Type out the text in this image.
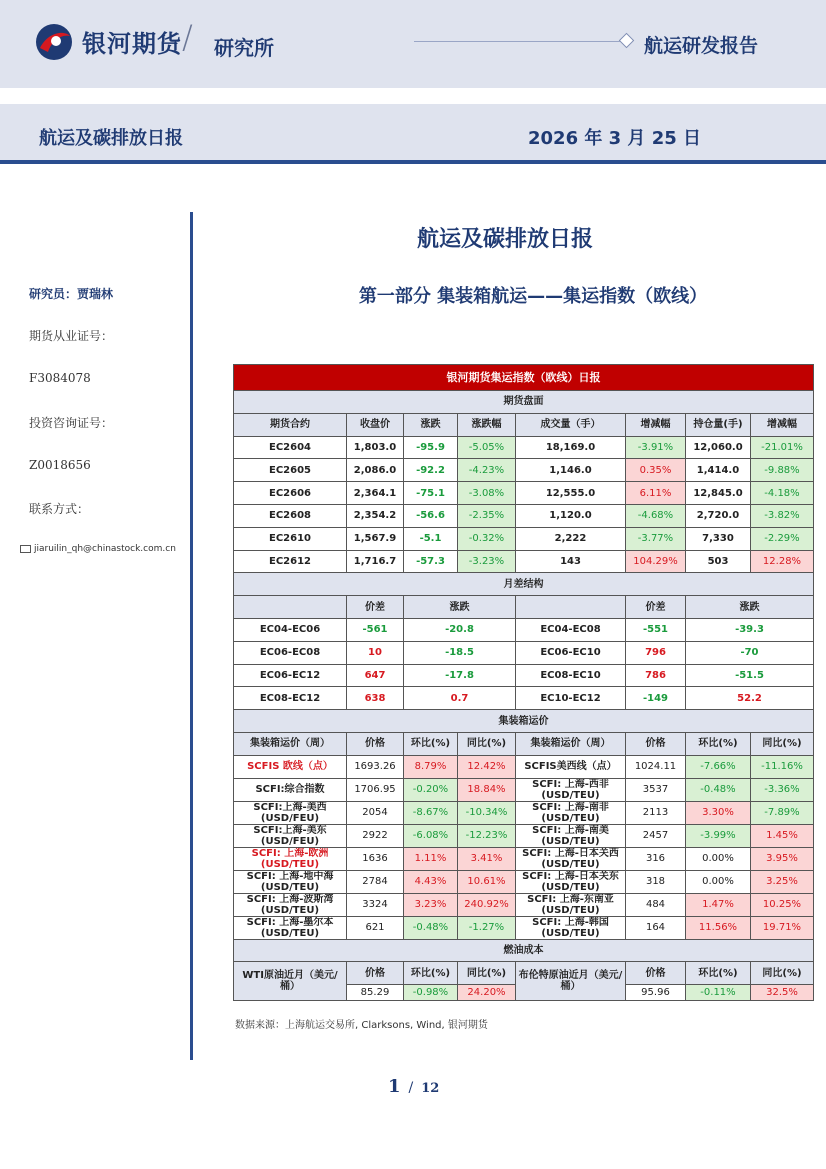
银河期货 / 研究所	航运研发报告
航运及碳排放日报	2026 年 3 月 25 日
研究员：贾瑞林
期货从业证号：
F3084078
投资咨询证号：
Z0018656
联系方式：
jiaruilin_qh@chinastock.com.cn
航运及碳排放日报
第一部分 集装箱航运——集运指数（欧线）
银河期货集运指数（欧线）日报							
期货盘面							
期货合约	收盘价	涨跌	涨跌幅	成交量（手）	增减幅	持仓量(手)	增减幅
EC2604	1,803.0	-95.9	-5.05%	18,169.0	-3.91%	12,060.0	-21.01%
EC2605	2,086.0	-92.2	-4.23%	1,146.0	0.35%	1,414.0	-9.88%
EC2606	2,364.1	-75.1	-3.08%	12,555.0	6.11%	12,845.0	-4.18%
EC2608	2,354.2	-56.6	-2.35%	1,120.0	-4.68%	2,720.0	-3.82%
EC2610	1,567.9	-5.1	-0.32%	2,222	-3.77%	7,330	-2.29%
EC2612	1,716.7	-57.3	-3.23%	143	104.29%	503	12.28%
月差结构							
	价差	涨跌			价差	涨跌	
EC04-EC06	-561	-20.8		EC04-EC08	-551	-39.3	
EC06-EC08	10	-18.5		EC06-EC10	796	-70	
EC06-EC12	647	-17.8		EC08-EC10	786	-51.5	
EC08-EC12	638	0.7		EC10-EC12	-149	52.2	
集装箱运价							
集装箱运价（周）	价格	环比(%)	同比(%)	集装箱运价（周）	价格	环比(%)	同比(%)
SCFIS 欧线（点）	1693.26	8.79%	12.42%	SCFIS美西线（点）	1024.11	-7.66%	-11.16%
SCFI:综合指数	1706.95	-0.20%	18.84%	SCFI: 上海-西非 (USD/TEU)	3537	-0.48%	-3.36%
SCFI:上海-美西 (USD/FEU)	2054	-8.67%	-10.34%	SCFI: 上海-南非 (USD/TEU)	2113	3.30%	-7.89%
SCFI:上海-美东 (USD/FEU)	2922	-6.08%	-12.23%	SCFI: 上海-南美 (USD/TEU)	2457	-3.99%	1.45%
SCFI: 上海-欧洲 (USD/TEU)	1636	1.11%	3.41%	SCFI: 上海-日本关西 (USD/TEU)	316	0.00%	3.95%
SCFI: 上海-地中海 (USD/TEU)	2784	4.43%	10.61%	SCFI: 上海-日本关东 (USD/TEU)	318	0.00%	3.25%
SCFI: 上海-波斯湾 (USD/TEU)	3324	3.23%	240.92%	SCFI: 上海-东南亚 (USD/TEU)	484	1.47%	10.25%
SCFI: 上海-墨尔本 (USD/TEU)	621	-0.48%	-1.27%	SCFI: 上海-韩国 (USD/TEU)	164	11.56%	19.71%
燃油成本							
WTI原油近月（美元/桶）	价格	环比(%)	同比(%)	布伦特原油近月（美元/桶）	价格	环比(%)	同比(%)
	85.29	-0.98%	24.20%		95.96	-0.11%	32.5%
数据来源：上海航运交易所, Clarksons, Wind, 银河期货
1 / 12
